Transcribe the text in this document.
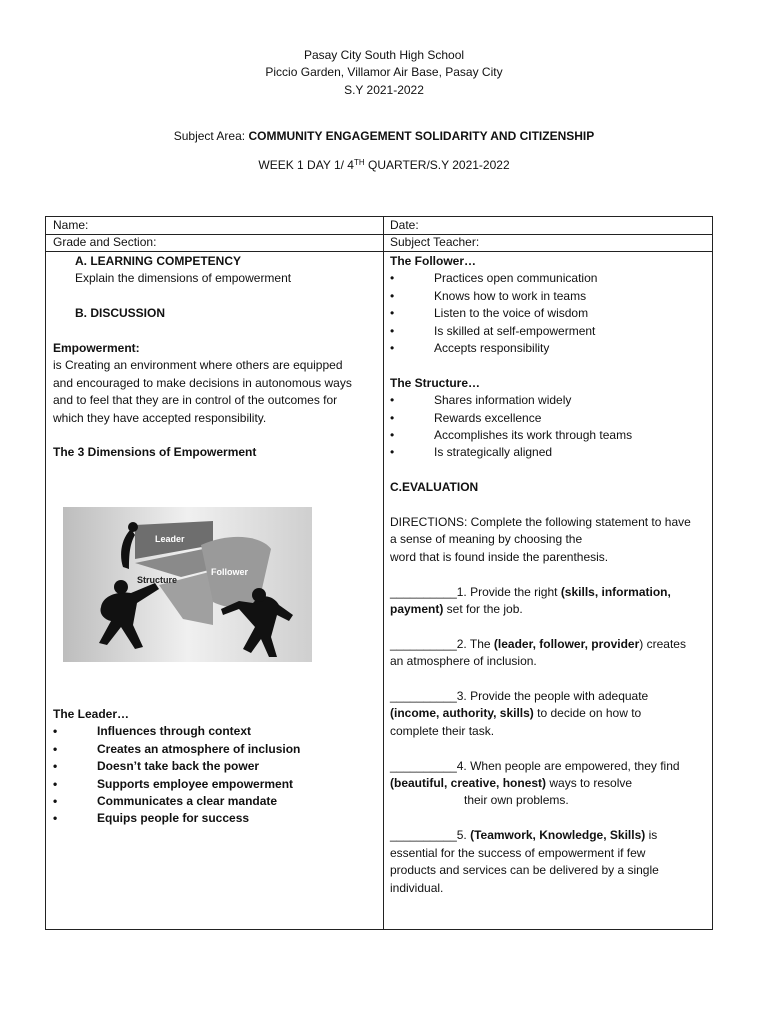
Pasay City South High School
Piccio Garden, Villamor Air Base, Pasay City
S.Y 2021-2022
Subject Area: COMMUNITY ENGAGEMENT SOLIDARITY AND CITIZENSHIP
WEEK 1 DAY 1/ 4TH QUARTER/S.Y 2021-2022
Name:	Date:
Grade and Section:	Subject Teacher:
A. LEARNING COMPETENCY
Explain the dimensions of empowerment
B. DISCUSSION
Empowerment:
is Creating an environment where others are equipped
and encouraged to make decisions in autonomous ways
and to feel that they are in control of the outcomes for
which they have accepted responsibility.
The 3 Dimensions of Empowerment
Leader
Follower
Structure
The Leader…
•	Influences through context
•	Creates an atmosphere of inclusion
•	Doesn’t take back the power
•	Supports employee empowerment
•	Communicates a clear mandate
•	Equips people for success
The Follower…
•	Practices open communication
•	Knows how to work in teams
•	Listen to the voice of wisdom
•	Is skilled at self-empowerment
•	Accepts responsibility
The Structure…
•	Shares information widely
•	Rewards excellence
•	Accomplishes its work through teams
•	Is strategically aligned
C.EVALUATION
DIRECTIONS: Complete the following statement to have
a sense of meaning by choosing the
word that is found inside the parenthesis.
__________1. Provide the right (skills, information,
payment) set for the job.
__________2. The (leader, follower, provider) creates
an atmosphere of inclusion.
__________3. Provide the people with adequate
(income, authority, skills) to decide on how to
complete their task.
__________4. When people are empowered, they find
(beautiful, creative, honest) ways to resolve
their own problems.
__________5. (Teamwork, Knowledge, Skills) is
essential for the success of empowerment if few
products and services can be delivered by a single
individual.
